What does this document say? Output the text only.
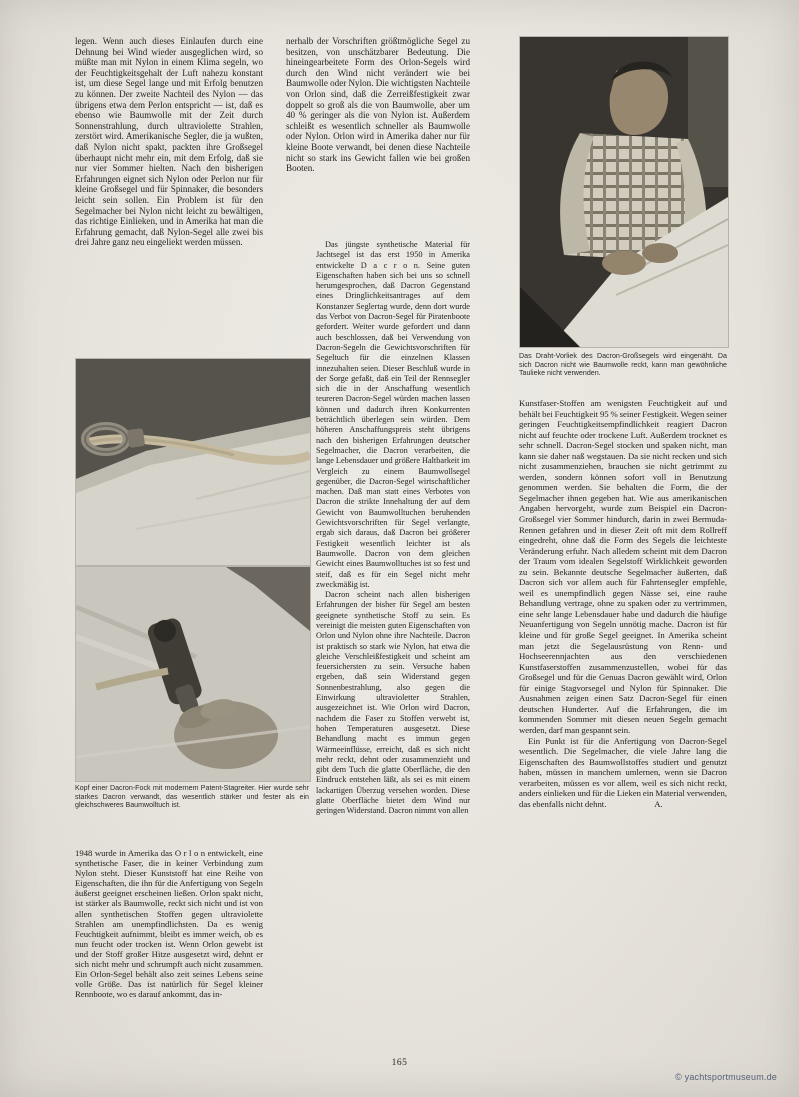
legen. Wenn auch dieses Einlaufen durch eine Dehnung bei Wind wieder ausgeglichen wird, so müßte man mit Nylon in einem Klima segeln, wo der Feuchtigkeitsgehalt der Luft nahezu konstant ist, um diese Segel lange und mit Erfolg benutzen zu können. Der zweite Nachteil des Nylon — das übrigens etwa dem Perlon entspricht — ist, daß es ebenso wie Baumwolle mit der Zeit durch Sonnenstrahlung, durch ultraviolette Strahlen, zerstört wird. Amerikanische Segler, die ja wußten, daß Nylon nicht spakt, packten ihre Großsegel überhaupt nicht mehr ein, mit dem Erfolg, daß sie nur vier Sommer hielten. Nach den bisherigen Erfahrungen eignet sich Nylon oder Perlon nur für kleine Großsegel und für Spinnaker, die besonders leicht sein sollen. Ein Problem ist für den Segelmacher bei Nylon nicht leicht zu bewältigen, das richtige Einlieken, und in Amerika hat man die Erfahrung gemacht, daß Nylon-Segel alle zwei bis drei Jahre ganz neu eingeliekt werden müssen.

Kopf einer Dacron-Fock mit modernem Patent-Stagreiter. Hier wurde sehr starkes Dacron verwandt, das wesentlich stärker und fester als ein gleichschweres Baumwolltuch ist.

1948 wurde in Amerika das O r l o n entwickelt, eine synthetische Faser, die in keiner Verbindung zum Nylon steht. Dieser Kunststoff hat eine Reihe von Eigenschaften, die ihn für die Anfertigung von Segeln äußerst geeignet erscheinen ließen. Orlon spakt nicht, ist stärker als Baumwolle, reckt sich nicht und ist von allen synthetischen Stoffen gegen ultraviolette Strahlen am unempfindlichsten. Da es wenig Feuchtigkeit aufnimmt, bleibt es immer weich, ob es nun feucht oder trocken ist. Wenn Orlon gewebt ist und der Stoff großer Hitze ausgesetzt wird, dehnt er sich nicht mehr und schrumpft auch nicht zusammen. Ein Orlon-Segel behält also zeit seines Lebens seine volle Größe. Das ist natürlich für Segel kleiner Rennboote, wo es darauf ankommt, das in-

nerhalb der Vorschriften größtmögliche Segel zu besitzen, von unschätzbarer Bedeutung. Die hineingearbeitete Form des Orlon-Segels wird durch den Wind nicht verändert wie bei Baumwolle oder Nylon. Die wichtigsten Nachteile von Orlon sind, daß die Zerreißfestigkeit zwar doppelt so groß als die von Baumwolle, aber um 40 % geringer als die von Nylon ist. Außerdem schleißt es wesentlich schneller als Baumwolle oder Nylon. Orlon wird in Amerika daher nur für kleine Boote verwandt, bei denen diese Nachteile nicht so stark ins Gewicht fallen wie bei großen Booten.

Das jüngste synthetische Material für Jachtsegel ist das erst 1950 in Amerika entwickelte D a c r o n. Seine guten Eigenschaften haben sich bei uns so schnell herumgesprochen, daß Dacron Gegenstand eines Dringlichkeitsantrages auf dem Konstanzer Seglertag wurde, denn dort wurde das Verbot von Dacron-Segel für Piratenboote gefordert. Weiter wurde gefordert und dann auch beschlossen, daß bei Verwendung von Dacron-Segeln die Gewichtsvorschriften für Segeltuch für die einzelnen Klassen innezuhalten seien. Dieser Beschluß wurde in der Sorge gefaßt, daß ein Teil der Rennsegler sich die in der Anschaffung wesentlich teureren Dacron-Segel würden machen lassen können und dadurch ihren Konkurrenten beträchtlich überlegen sein würden. Dem höheren Anschaffungspreis steht übrigens nach den bisherigen Erfahrungen deutscher Segelmacher, die Dacron verarbeiten, die lange Lebensdauer und größere Haltbarkeit im Vergleich zu einem Baumwollsegel gegenüber, die Dacron-Segel wirtschaftlicher machen. Daß man statt eines Verbotes von Dacron die strikte Innehaltung der auf dem Gewicht von Baumwolltuchen beruhenden Gewichtsvorschriften für Segel verlangte, ergab sich daraus, daß Dacron bei größerer Festigkeit wesentlich leichter ist als Baumwolle. Dacron von dem gleichen Gewicht eines Baumwolltuches ist so fest und steif, daß es für ein Segel nicht mehr zweckmäßig ist.

Dacron scheint nach allen bisherigen Erfahrungen der bisher für Segel am besten geeignete synthetische Stoff zu sein. Es vereinigt die meisten guten Eigenschaften von Orlon und Nylon ohne ihre Nachteile. Dacron ist praktisch so stark wie Nylon, hat etwa die gleiche Verschleißfestigkeit und scheint am feuersichersten zu sein. Versuche haben ergeben, daß sein Widerstand gegen Sonnenbestrahlung, also gegen die Einwirkung ultravioletter Strahlen, ausgezeichnet ist. Wie Orlon wird Dacron, nachdem die Faser zu Stoffen verwebt ist, hohen Temperaturen ausgesetzt. Diese Behandlung macht es immun gegen Wärmeeinflüsse, erreicht, daß es sich nicht mehr reckt, dehnt oder zusammenzieht und gibt dem Tuch die glatte Oberfläche, die den Eindruck entstehen läßt, als sei es mit einem lackartigen Überzug versehen worden. Diese glatte Oberfläche bietet dem Wind nur geringen Widerstand. Dacron nimmt von allen

Das Draht-Vorliek des Dacron-Großsegels wird eingenäht. Da sich Dacron nicht wie Baumwolle reckt, kann man gewöhnliche Taulieke nicht verwenden.

Kunstfaser-Stoffen am wenigsten Feuchtigkeit auf und behält bei Feuchtigkeit 95 % seiner Festigkeit. Wegen seiner geringen Feuchtigkeitsempfindlichkeit reagiert Dacron nicht auf feuchte oder trockene Luft. Außerdem trocknet es sehr schnell. Dacron-Segel stocken und spaken nicht, man kann sie daher naß wegstauen. Da sie nicht recken und sich nicht zusammenziehen, brauchen sie nicht getrimmt zu werden, sondern können sofort voll in Benutzung genommen werden. Sie behalten die Form, die der Segelmacher ihnen gegeben hat. Wie aus amerikanischen Angaben hervorgeht, wurde zum Beispiel ein Dacron-Großsegel vier Sommer hindurch, darin in zwei Bermuda-Rennen gefahren und in dieser Zeit oft mit dem Rollreff eingedreht, ohne daß die Form des Segels die leichteste Veränderung erfuhr. Nach alledem scheint mit dem Dacron der Traum vom idealen Segelstoff Wirklichkeit geworden zu sein. Bekannte deutsche Segelmacher äußerten, daß Dacron sich vor allem auch für Fahrtensegler empfehle, weil es unempfindlich gegen Nässe sei, eine rauhe Behandlung vertrage, ohne zu spaken oder zu vertrimmen, eine sehr lange Lebensdauer habe und dadurch die häufige Neuanfertigung von Segeln unnötig mache. Dacron ist für kleine und für große Segel geeignet. In Amerika scheint man jetzt die Segelausrüstung von Renn- und Hochseerennjachten aus den verschiedenen Kunstfaserstoffen zusammenzustellen, wobei für das Großsegel und für die Genuas Dacron gewählt wird, Orlon für einige Stagvorsegel und Nylon für Spinnaker. Die Ausnahmen zeigen einen Satz Dacron-Segel für einen deutschen Hunderter. Auf die Erfahrungen, die im kommenden Sommer mit diesen neuen Segeln gemacht werden, darf man gespannt sein.

Ein Punkt ist für die Anfertigung von Dacron-Segel wesentlich. Die Segelmacher, die viele Jahre lang die Eigenschaften des Baumwollstoffes studiert und genutzt haben, müssen in manchem umlernen, wenn sie Dacron verarbeiten, müssen es vor allem, weil es sich nicht reckt, anders einlieken und für die Lieken ein Material verwenden, das ebenfalls nicht dehnt.	A.

165
© yachtsportmuseum.de
